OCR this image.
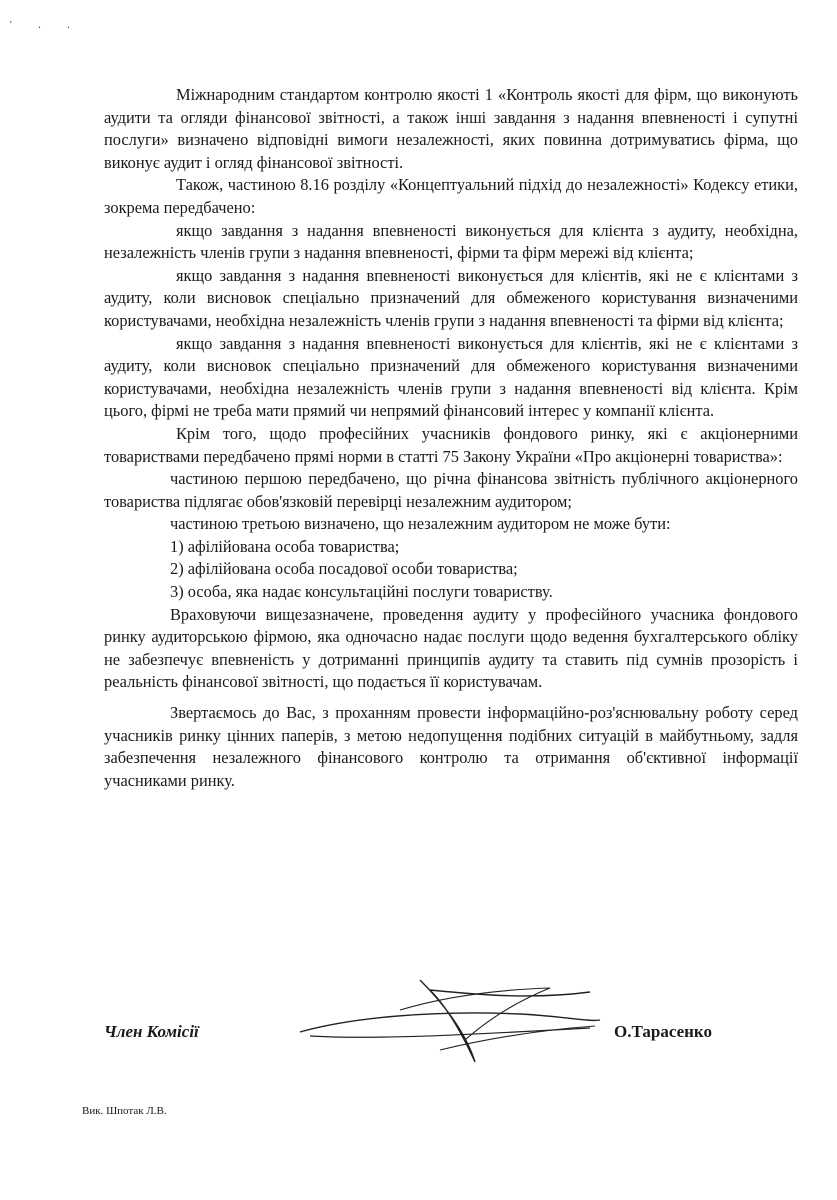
' . .

Міжнародним стандартом контролю якості 1 «Контроль якості для фірм, що виконують аудити та огляди фінансової звітності, а також інші завдання з надання впевненості і супутні послуги» визначено відповідні вимоги незалежності, яких повинна дотримуватись фірма, що виконує аудит і огляд фінансової звітності.

Також, частиною 8.16 розділу «Концептуальний підхід до незалежності» Кодексу етики, зокрема передбачено:

якщо завдання з надання впевненості виконується для клієнта з аудиту, необхідна, незалежність членів групи з надання впевненості, фірми та фірм мережі від клієнта;

якщо завдання з надання впевненості виконується для клієнтів, які не є клієнтами з аудиту, коли висновок спеціально призначений для обмеженого користування визначеними користувачами, необхідна незалежність членів групи з надання впевненості та фірми від клієнта;

якщо завдання з надання впевненості виконується для клієнтів, які не є клієнтами з аудиту, коли висновок спеціально призначений для обмеженого користування визначеними користувачами, необхідна незалежність членів групи з надання впевненості від клієнта. Крім цього, фірмі не треба мати прямий чи непрямий фінансовий інтерес у компанії клієнта.

Крім того, щодо професійних учасників фондового ринку, які є акціонерними товариствами передбачено прямі норми в статті 75 Закону України «Про акціонерні товариства»:

частиною першою передбачено, що річна фінансова звітність публічного акціонерного товариства підлягає обов'язковій перевірці незалежним аудитором;

частиною третьою визначено, що незалежним аудитором не може бути:

1) афілійована особа товариства;

2) афілійована особа посадової особи товариства;

3) особа, яка надає консультаційні послуги товариству.

Враховуючи вищезазначене, проведення аудиту у професійного учасника фондового ринку аудиторською фірмою, яка одночасно надає послуги щодо ведення бухгалтерського обліку не забезпечує впевненість у дотриманні принципів аудиту та ставить під сумнів прозорість і реальність фінансової звітності, що подається її користувачам.

Звертаємось до Вас, з проханням провести інформаційно-роз'яснювальну роботу серед учасників ринку цінних паперів, з метою недопущення подібних ситуацій в майбутньому, задля забезпечення незалежного фінансового контролю та отримання об'єктивної інформації учасниками ринку.

Член Комісії	О.Тарасенко
Вик. Шпотак Л.В.
